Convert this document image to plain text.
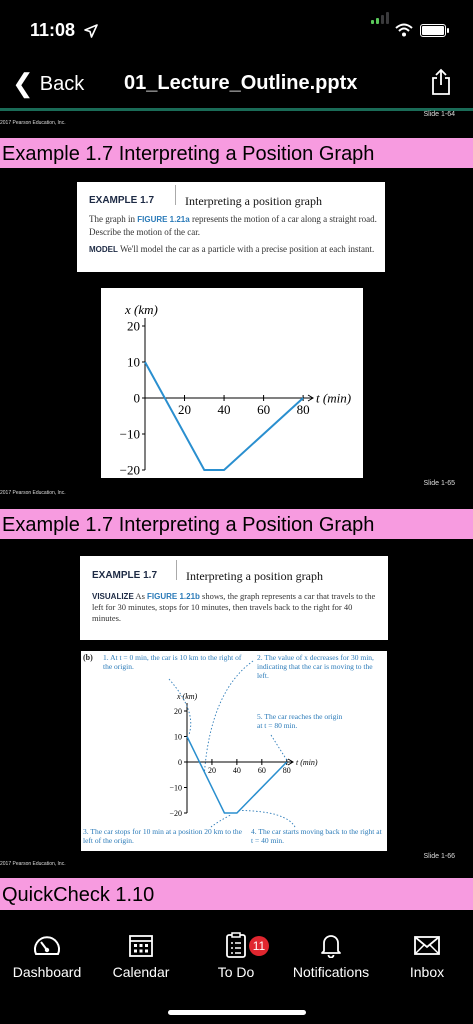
11:08
❮ Back 01_Lecture_Outline.pptx
2017 Pearson Education, Inc.
Slide 1-64
Example 1.7 Interpreting a Position Graph
EXAMPLE 1.7	Interpreting a position graph
The graph in FIGURE 1.21a represents the motion of a car along a straight road. Describe the motion of the car.
MODEL We'll model the car as a particle with a precise position at each instant.
20
10
0
−10
−20
20 40 60 80
x (km)
t (min)
2017 Pearson Education, Inc.
Slide 1-65
Example 1.7 Interpreting a Position Graph
EXAMPLE 1.7 Interpreting a position graph
VISUALIZE As FIGURE 1.21b shows, the graph represents a car that travels to the left for 30 minutes, stops for 10 minutes, then travels back to the right for 40 minutes.
(b) 1. At t = 0 min, the car is 10 km to the right of the origin.
2. The value of x decreases for 30 min, indicating that the car is moving to the left.
5. The car reaches the origin at t = 80 min.
3. The car stops for 10 min at a position 20 km to the left of the origin.
4. The car starts moving back to the right at t = 40 min.
20
10
0
−10
−20
20 40 60 80
x (km)
t (min)
2017 Pearson Education, Inc.
Slide 1-66
QuickCheck 1.10
Dashboard	Calendar
11
To Do	Notifications	Inbox
